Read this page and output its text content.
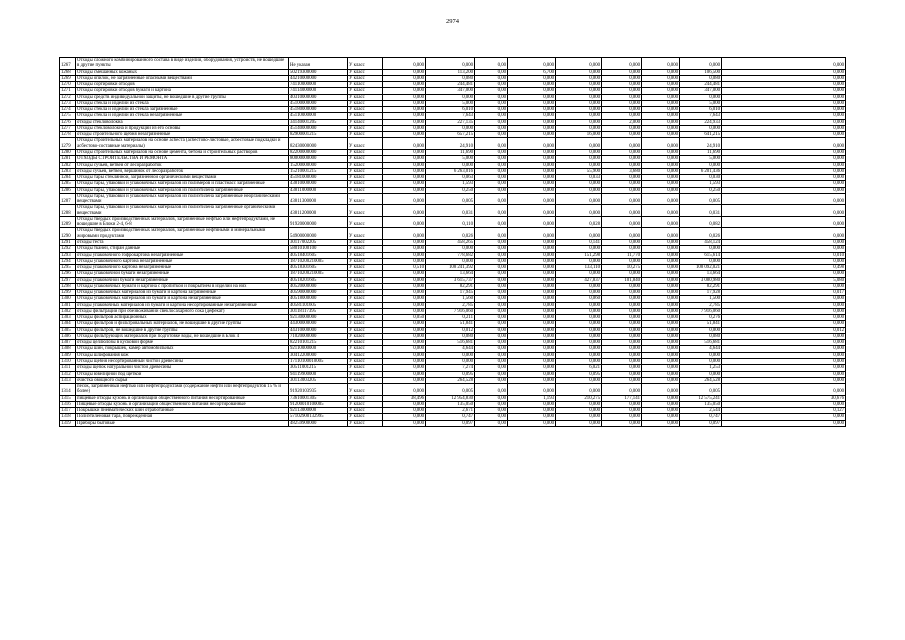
2974
1267	Отходы сложного комбинированного состава в виде изделий, оборудования, устройств, не вошедшие в другие пункты	Не указан	У класс	0,000	0,000	0,00	0,000	0,000	0,000	0,000	0,000	0,000
1268	Отходы смешанных кожаных	50219300000	У класс	0,000	113,200	0,00	6,700	0,000	0,000	0,000	106,500	0,000
1269	Отходы опилок, не загрязненные опасными веществами	44210000000	У класс	0,000	0,080	0,00	0,000	0,000	0,000	0,000	0,080	0,000
1270	Отходы сортировки отходов	74110000000	У класс	0,000	244,481	0,00	0,000	0,000	0,000	0,000	244,481	0,000
1271	Отходы сортировки отходов бумаги и картона	74114000000	У класс	0,000	347,000	0,00	0,000	0,000	0,000	0,000	347,000	0,000
1272	Отходы средств индивидуальной защиты, не вошедшие в другие группы	40310000000	У класс	0,000	0,000	0,00	0,000	0,000	0,000	0,000	0,000	0,000
1273	Отходы стекла и изделий из стекла	45100000000	У класс	0,000	5,000	0,00	0,000	0,000	0,000	0,000	5,000	0,000
1274	Отходы стекла и изделий из стекла загрязненные	45180000000	У класс	0,000	6,010	0,00	0,000	0,000	0,000	0,000	6,010	0,000
1275	Отходы стекла и изделий из стекла незагрязненные	45110000000	У класс	0,000	7,643	0,00	0,000	0,000	0,000	0,000	7,643	0,000
1276	отходы стекловолокна	34140001205	У класс	0,000	227,135	0,00	0,000	0,000	2,000	0,000	224,933	0,000
1277	Отходы стекловолокна и продукции из его основы	45140000000	У класс	0,000	0,000	0,00	0,000	0,000	0,000	0,000	0,000	0,000
1278	отходы строительного щебня незагрязненные	82900001215	У класс	0,000	657,215	0,00	0,000	16,000	0,000	0,000	641,215	0,000
1279	Отходы строительных материалов на основе асбеста (асбестово-листовые, асбестовые подкладки и асбестово-составные материалы)	82430000000	У класс	0,000	24,910	0,00	0,000	0,000	0,000	0,000	24,910	0,000
1280	Отходы строительных материалов на основе цемента, бетона и строительных растворов	82200000000	У класс	0,000	11,690	0,00	0,000	0,000	0,000	0,000	11,690	0,000
1281	ОТХОДЫ СТРОИТЕЛЬСТВА И РЕМОНТА	80000000000	У класс	0,000	5,000	0,00	0,000	0,000	0,000	0,000	5,000	0,000
1282	Отходы сучьев, ветвей от лесоразработок	15200000000	У класс	0,000	0,000	0,00	0,000	0,000	0,000	0,000	0,000	0,000
1283	отходы сучьев, ветвей, вершинок от лесоразработок	15210001215	У класс	0,000	6 263,016	0,00	0,000	55,900	3,680	0,000	6 201,436	0,000
1284	Отходы тары стеклянной, загрязненной органическими веществами	45181000000	У класс	0,000	0,063	0,00	0,000	0,033	0,000	0,000	0,030	0,000
1285	Отходы тары, упаковки и упаковочных материалов из полимеров и пластмасс загрязненные	43810000000	У класс	0,000	1,593	0,00	0,000	0,000	0,000	0,000	1,593	0,000
1286	Отходы тары, упаковки и упаковочных материалов из полиэтилена загрязненные	43811000000	У класс	0,000	0,250	0,00	0,000	0,000	0,000	0,000	0,250	0,000
1287	Отходы тары, упаковки и упаковочных материалов из полиэтилена загрязненные неорганическими веществами	43811300000	У класс	0,000	0,005	0,00	0,000	0,000	0,000	0,000	0,005	0,000
1288	Отходы тары, упаковки и упаковочных материалов из полиэтилена загрязненные органическими веществами	43811200000	У класс	0,000	0,031	0,00	0,000	0,000	0,000	0,000	0,031	0,000
1289	Отходы твердых производственных материалов, загрязненные нефтью или нефтепродуктами, не вошедшие в Блоки 2-4, 6-8	91920000000	У класс	0,000	0,110	0,00	0,000	0,028	0,000	0,000	0,082	0,000
1290	Отходы твердых производственных материалов, загрязненные нефтяными и минеральными жировыми продуктами	54900000000	У класс	0,000	0,026	0,00	0,000	0,000	0,000	0,000	0,026	0,000
1291	отходы теста	30117002205	У класс	0,000	458,265	0,00	0,000	0,141	0,000	0,000	458,124	0,000
1292	Отходы тканей, стиран данные	58010100100	У класс	0,000	0,000	0,00	0,000	0,000	0,000	0,000	0,000	0,000
1293	отходы упаковочного гофрокартона незагрязненные	40518401605	У класс	0,000	778,682	0,00	0,000	151,298	11,770	0,000	615,614	0,010
1294	Отходы упаковочного картона незагрязненные	18710200210005	У класс	0,000	0,000	0,00	0,000	0,000	0,000	0,000	0,000	0,000
1295	отходы упаковочного картона незагрязненные	40518301605	У класс	0,510	108 241,392	0,00	0,000	133,110	10,275	0,000	108 092,021	0,498
1296	Отходы упаковочной бумаги незагрязненные	18710200210005	У класс	0,000	13,664	0,00	0,000	0,000	0,000	0,000	13,664	0,000
1297	отходы упаковочной бумаги незагрязненные	40518201605	У класс	0,000	3 615,737	0,00	0,000	427,837	101,840	0,000	3 080,980	5,080
1298	Отходы упаковочных бумаги и картона с пропиткой и покрытием в изделий на них	40520000000	У класс	0,000	82,291	0,00	0,000	0,000	0,000	0,000	82,291	0,000
1299	Отходы упаковочных материалов из бумаги и картона загрязненные	40590000000	У класс	0,000	17,945	0,00	0,000	0,000	0,000	0,000	17,928	0,017
1300	Отходы упаковочных материалов из бумаги и картона незагрязненные	40518000000	У класс	0,000	1,560	0,00	0,000	0,060	0,000	0,000	1,500	0,000
1301	отходы упаковочных материалов из бумаги и картона несортированные незагрязненные	40581101605	У класс	0,000	2,785	0,00	0,000	0,000	0,000	0,000	2,785	0,000
1302	отходы фильтрации при обезвоживании свеклосахарного сока (дефекат)	30118117395	У класс	0,000	7 916,060	0,00	0,000	0,000	0,000	0,000	7 916,060	0,000
1303	Отходы фильтров аспирационных	92130000000	У класс	0,050	0,211	0,00	0,000	0,000	0,000	0,000	0,276	0,000
1304	Отходы фильтров и фильтровальных материалов, не вошедшие в другие группы	44300000000	У класс	0,000	51,841	0,00	0,000	0,000	0,000	0,000	51,841	0,000
1305	Отходы фильтров, не вошедшие в другие группы	44310000000	У класс	0,000	0,012	0,00	0,000	0,000	0,000	0,000	0,000	0,012
1306	Отходы фильтрующих материалов при подготовке воды, не вошедшие в Блок 4	71020000000	У класс	0,000	0,080	0,00	0,000	0,000	0,000	0,000	0,080	0,000
1307	отходы целлюлозы в кусковой форме	82210101215	У класс	0,000	516,681	0,00	0,000	0,000	0,000	0,000	516,681	0,000
1308	Отходы шин, покрышек, камер автомобильных	92110000000	У класс	0,000	4,644	0,00	0,000	0,000	0,000	0,000	4,644	0,000
1309	Отходы шлифования кож	30412200000	У класс	0,000	0,000	0,00	0,000	0,000	0,000	0,000	0,000	0,000
1310	Отходы щебня несортированный чистой древесины	17110100010005	У класс	0,000	0,000	0,00	0,000	0,000	0,000	0,000	0,000	0,000
1311	отходы щепок натуральной чистой древесины	30511001215	У класс	0,000	7,274	0,00	0,000	6,021	0,000	0,000	1,253	0,000
1312	Отходы ювелирной под щеткой	94119900000	У класс	0,000	0,095	0,00	0,000	0,095	0,000	0,000	0,000	0,000
1313	очистка овощного сырья	30113003205	У класс	0,000	264,528	0,00	0,000	0,000	0,000	0,000	264,528	0,000
1314	песок, загрязненный нефтью или нефтепродуктами (содержание нефти или нефтепродуктов 15 % и более)	91920103935	У класс	0,000	0,005	0,00	0,000	0,000	0,000	0,000	0,005	0,000
1315	пищевые отходы кухонь и организаций общественного питания несортированные	73610001305	У класс	38,496	12 954,830	0,00	1,193	210,275	177,141	0,000	12 575,241	30,676
1316	Пищевые отходы кухонь и организаций общественного питания несортированные	91200010100005	У класс	0,000	135,050	0,00	0,000	0,000	0,000	0,000	135,050	0,000
1317	Покрышки пневматических шин отработанные	92113000000	У класс	0,000	2,671	0,00	0,000	0,000	0,000	0,000	2,544	0,127
1318	Полиэтиленовая тара, поврежденная	57102900132995	У класс	0,000	0,747	0,00	0,000	0,000	0,000	0,000	0,747	0,000
1319	Приборы бытовые	48259900000	У класс	0,000	0,097	0,00	0,000	0,000	0,000	0,000	0,097	0,000
